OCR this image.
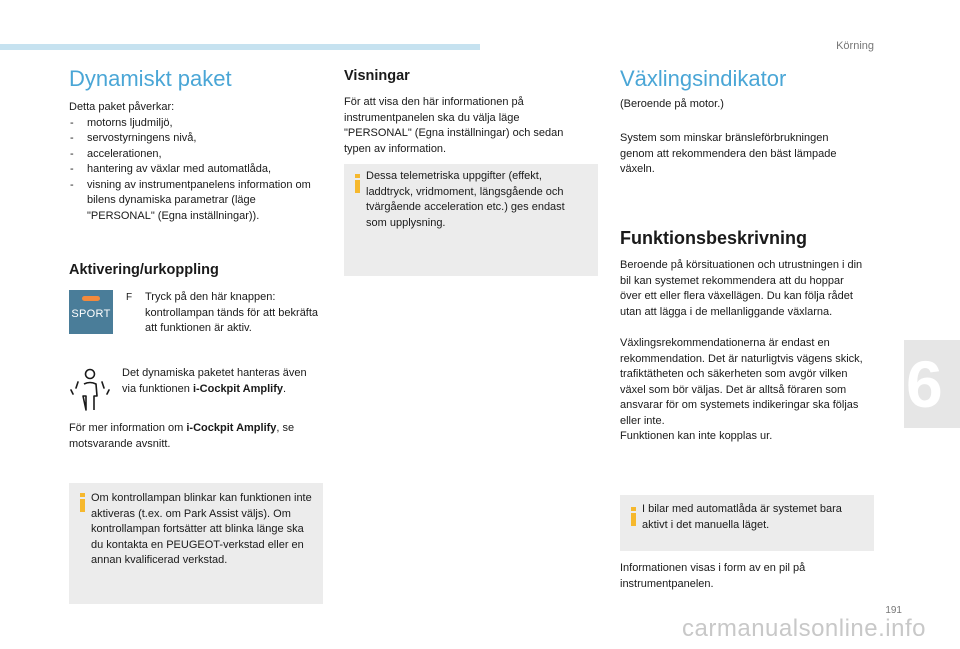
Körning
6
191
carmanualsonline.info
Dynamiskt paket

Detta paket påverkar:

- motorns ljudmiljö,
- servostyrningens nivå,
- accelerationen,
- hantering av växlar med automatlåda,
- visning av instrumentpanelens information om bilens dynamiska parametrar (läge "PERSONAL" (Egna inställningar)).
Aktivering/urkoppling
SPORT
F Tryck på den här knappen: kontrollampan tänds för att bekräfta att funktionen är aktiv.

Det dynamiska paketet hanteras även via funktionen i-Cockpit Amplify.

För mer information om i-Cockpit Amplify, se motsvarande avsnitt.

Om kontrollampan blinkar kan funktionen inte aktiveras (t.ex. om Park Assist väljs). Om kontrollampan fortsätter att blinka länge ska du kontakta en PEUGEOT-verkstad eller en annan kvalificerad verkstad.

Visningar

För att visa den här informationen på instrumentpanelen ska du välja läge "PERSONAL" (Egna inställningar) och sedan typen av information.

Dessa telemetriska uppgifter (effekt, laddtryck, vridmoment, längsgående och tvärgående acceleration etc.) ges endast som upplysning.

Växlingsindikator

(Beroende på motor.)

System som minskar bränsleförbrukningen genom att rekommendera den bäst lämpade växeln.

Funktionsbeskrivning

Beroende på körsituationen och utrustningen i din bil kan systemet rekommendera att du hoppar över ett eller flera växellägen. Du kan följa rådet utan att lägga i de mellanliggande växlarna.

Växlingsrekommendationerna är endast en rekommendation. Det är naturligtvis vägens skick, trafiktätheten och säkerheten som avgör vilken växel som bör väljas. Det är alltså föraren som ansvarar för om systemets indikeringar ska följas eller inte.

Funktionen kan inte kopplas ur.

I bilar med automatlåda är systemet bara aktivt i det manuella läget.

Informationen visas i form av en pil på instrumentpanelen.
